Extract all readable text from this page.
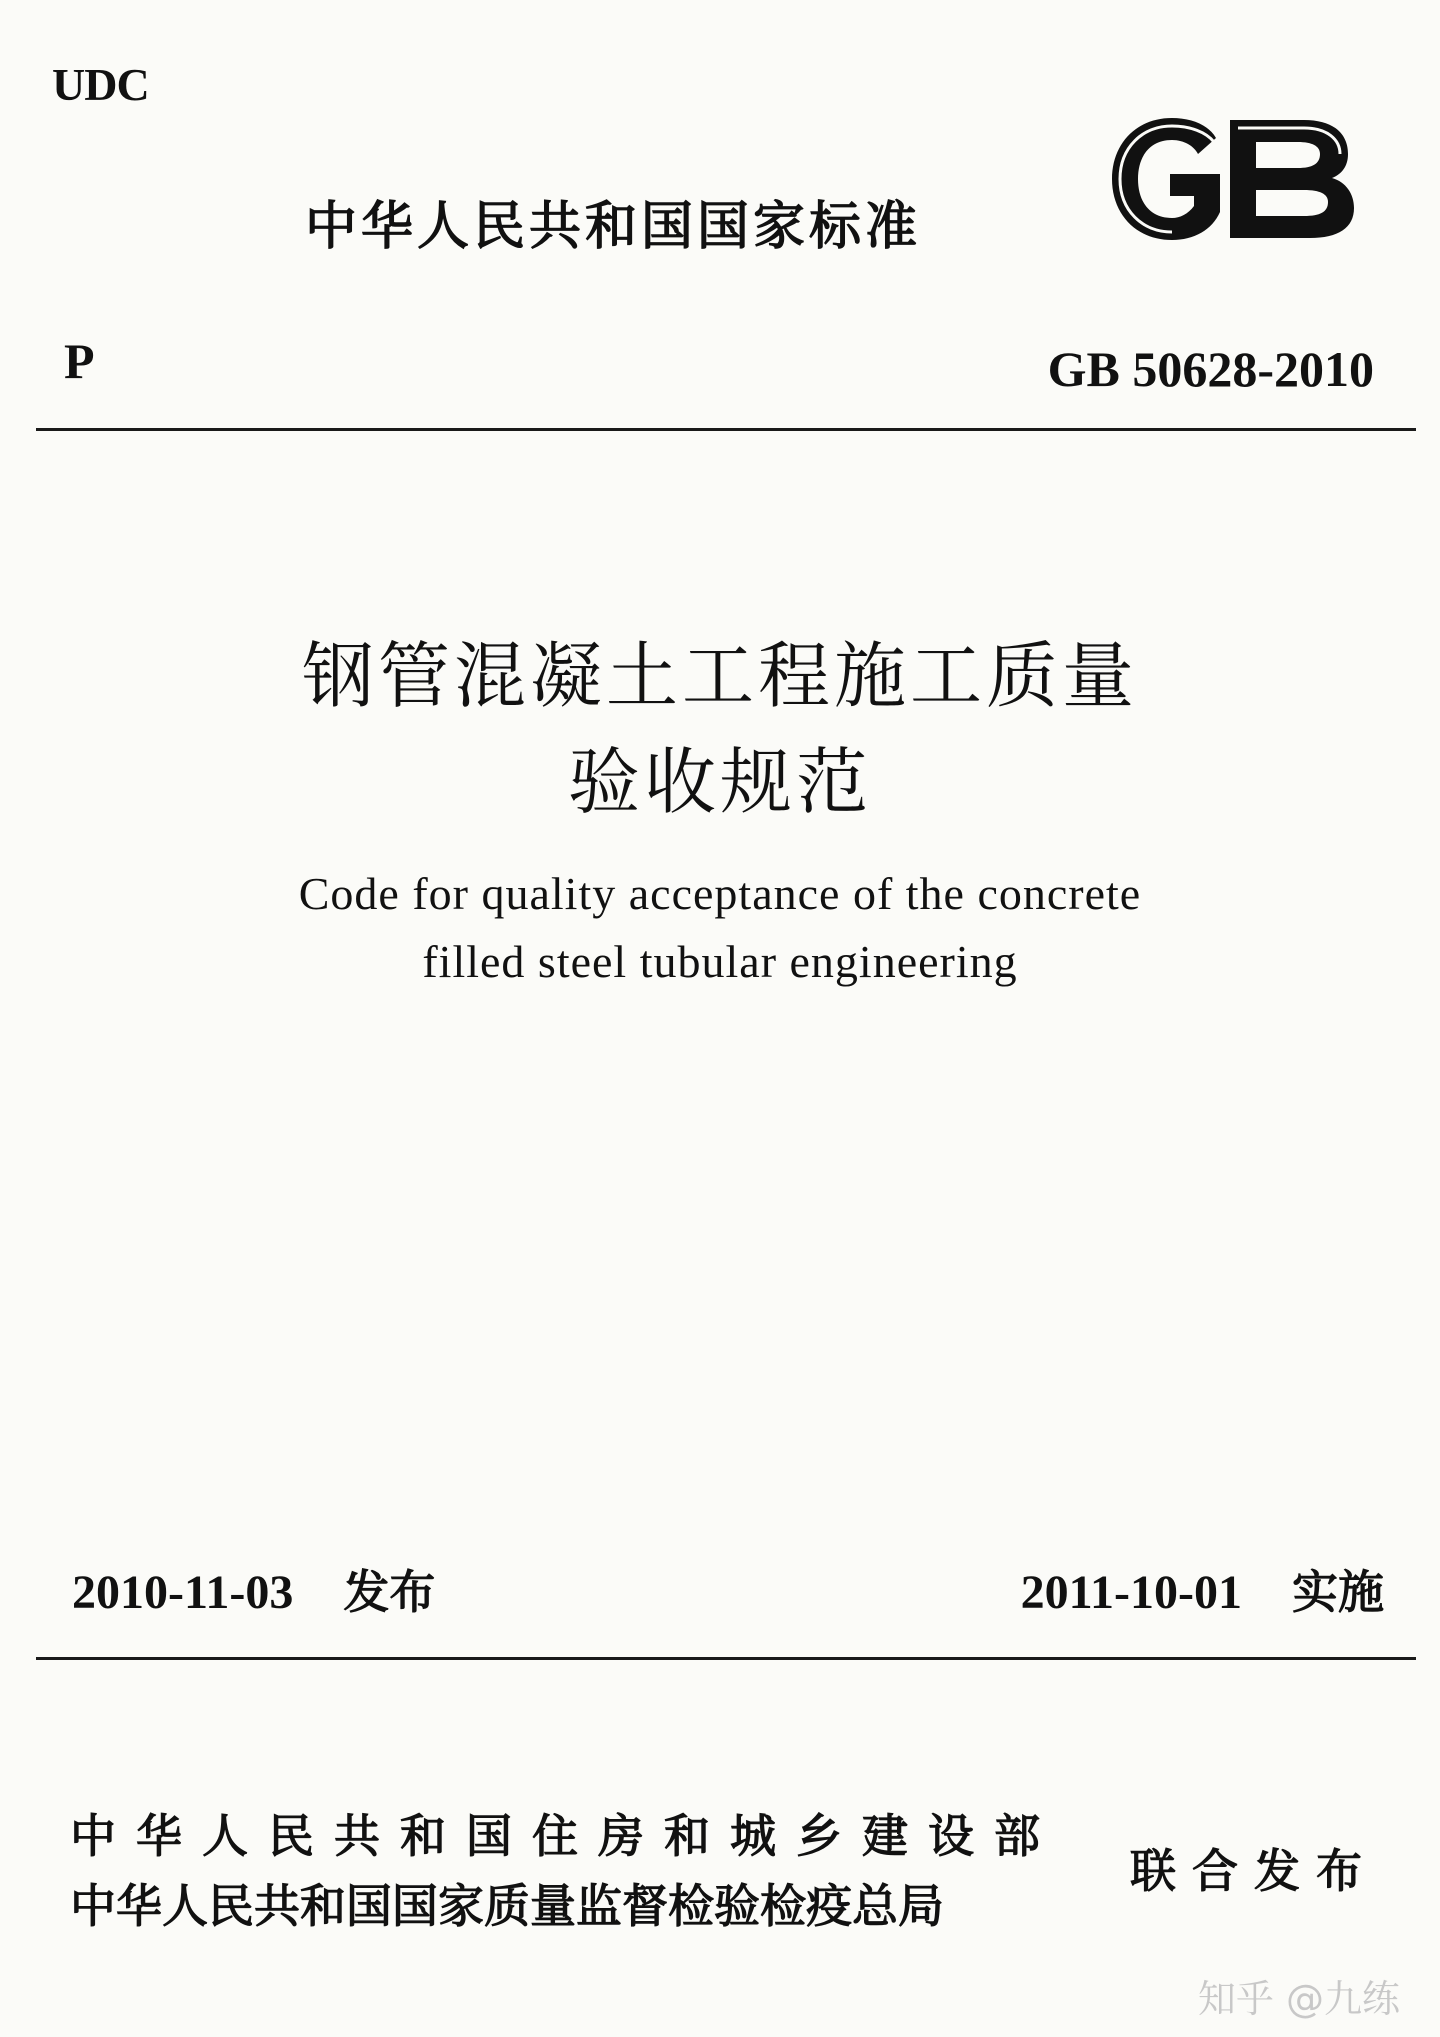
UDC
中华人民共和国国家标准
P	GB 50628-2010
钢管混凝土工程施工质量
验收规范
Code for quality acceptance of the concrete
filled steel tubular engineering
2010-11-03 发布	2011-10-01 实施
中华人民共和国住房和城乡建设部
中华人民共和国国家质量监督检验检疫总局
联合发布
知乎 @九练
